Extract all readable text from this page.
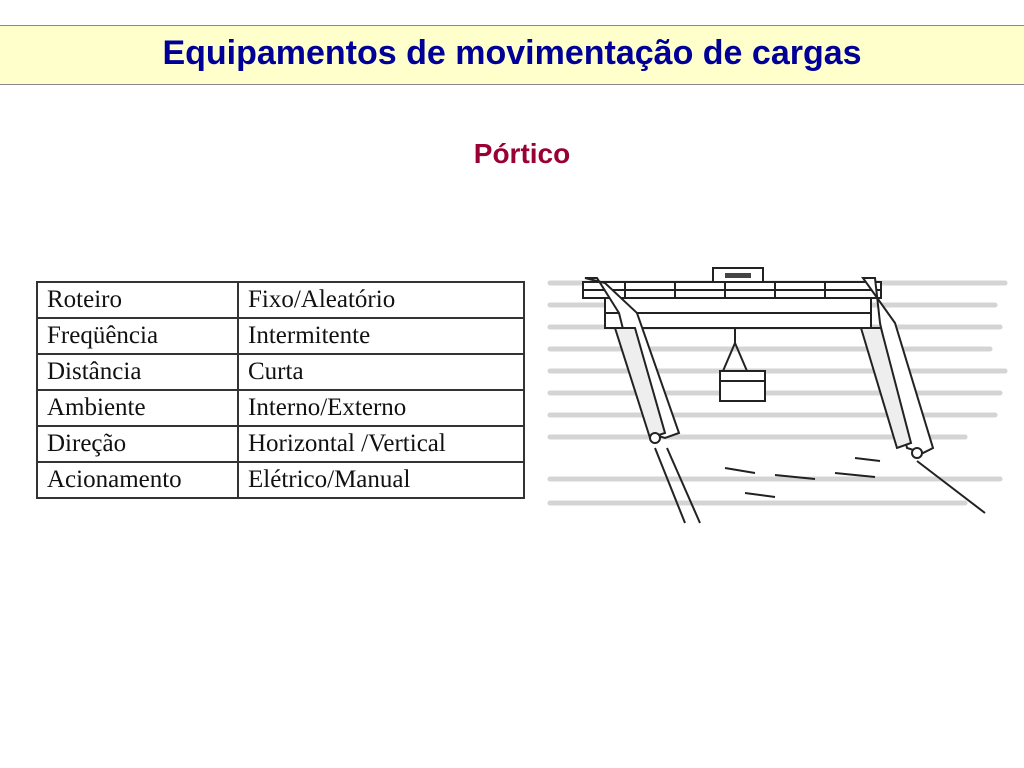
Equipamentos de movimentação de cargas
Pórtico
Roteiro	Fixo/Aleatório
Freqüência	Intermitente
Distância	Curta
Ambiente	Interno/Externo
Direção	Horizontal /Vertical
Acionamento	Elétrico/Manual
